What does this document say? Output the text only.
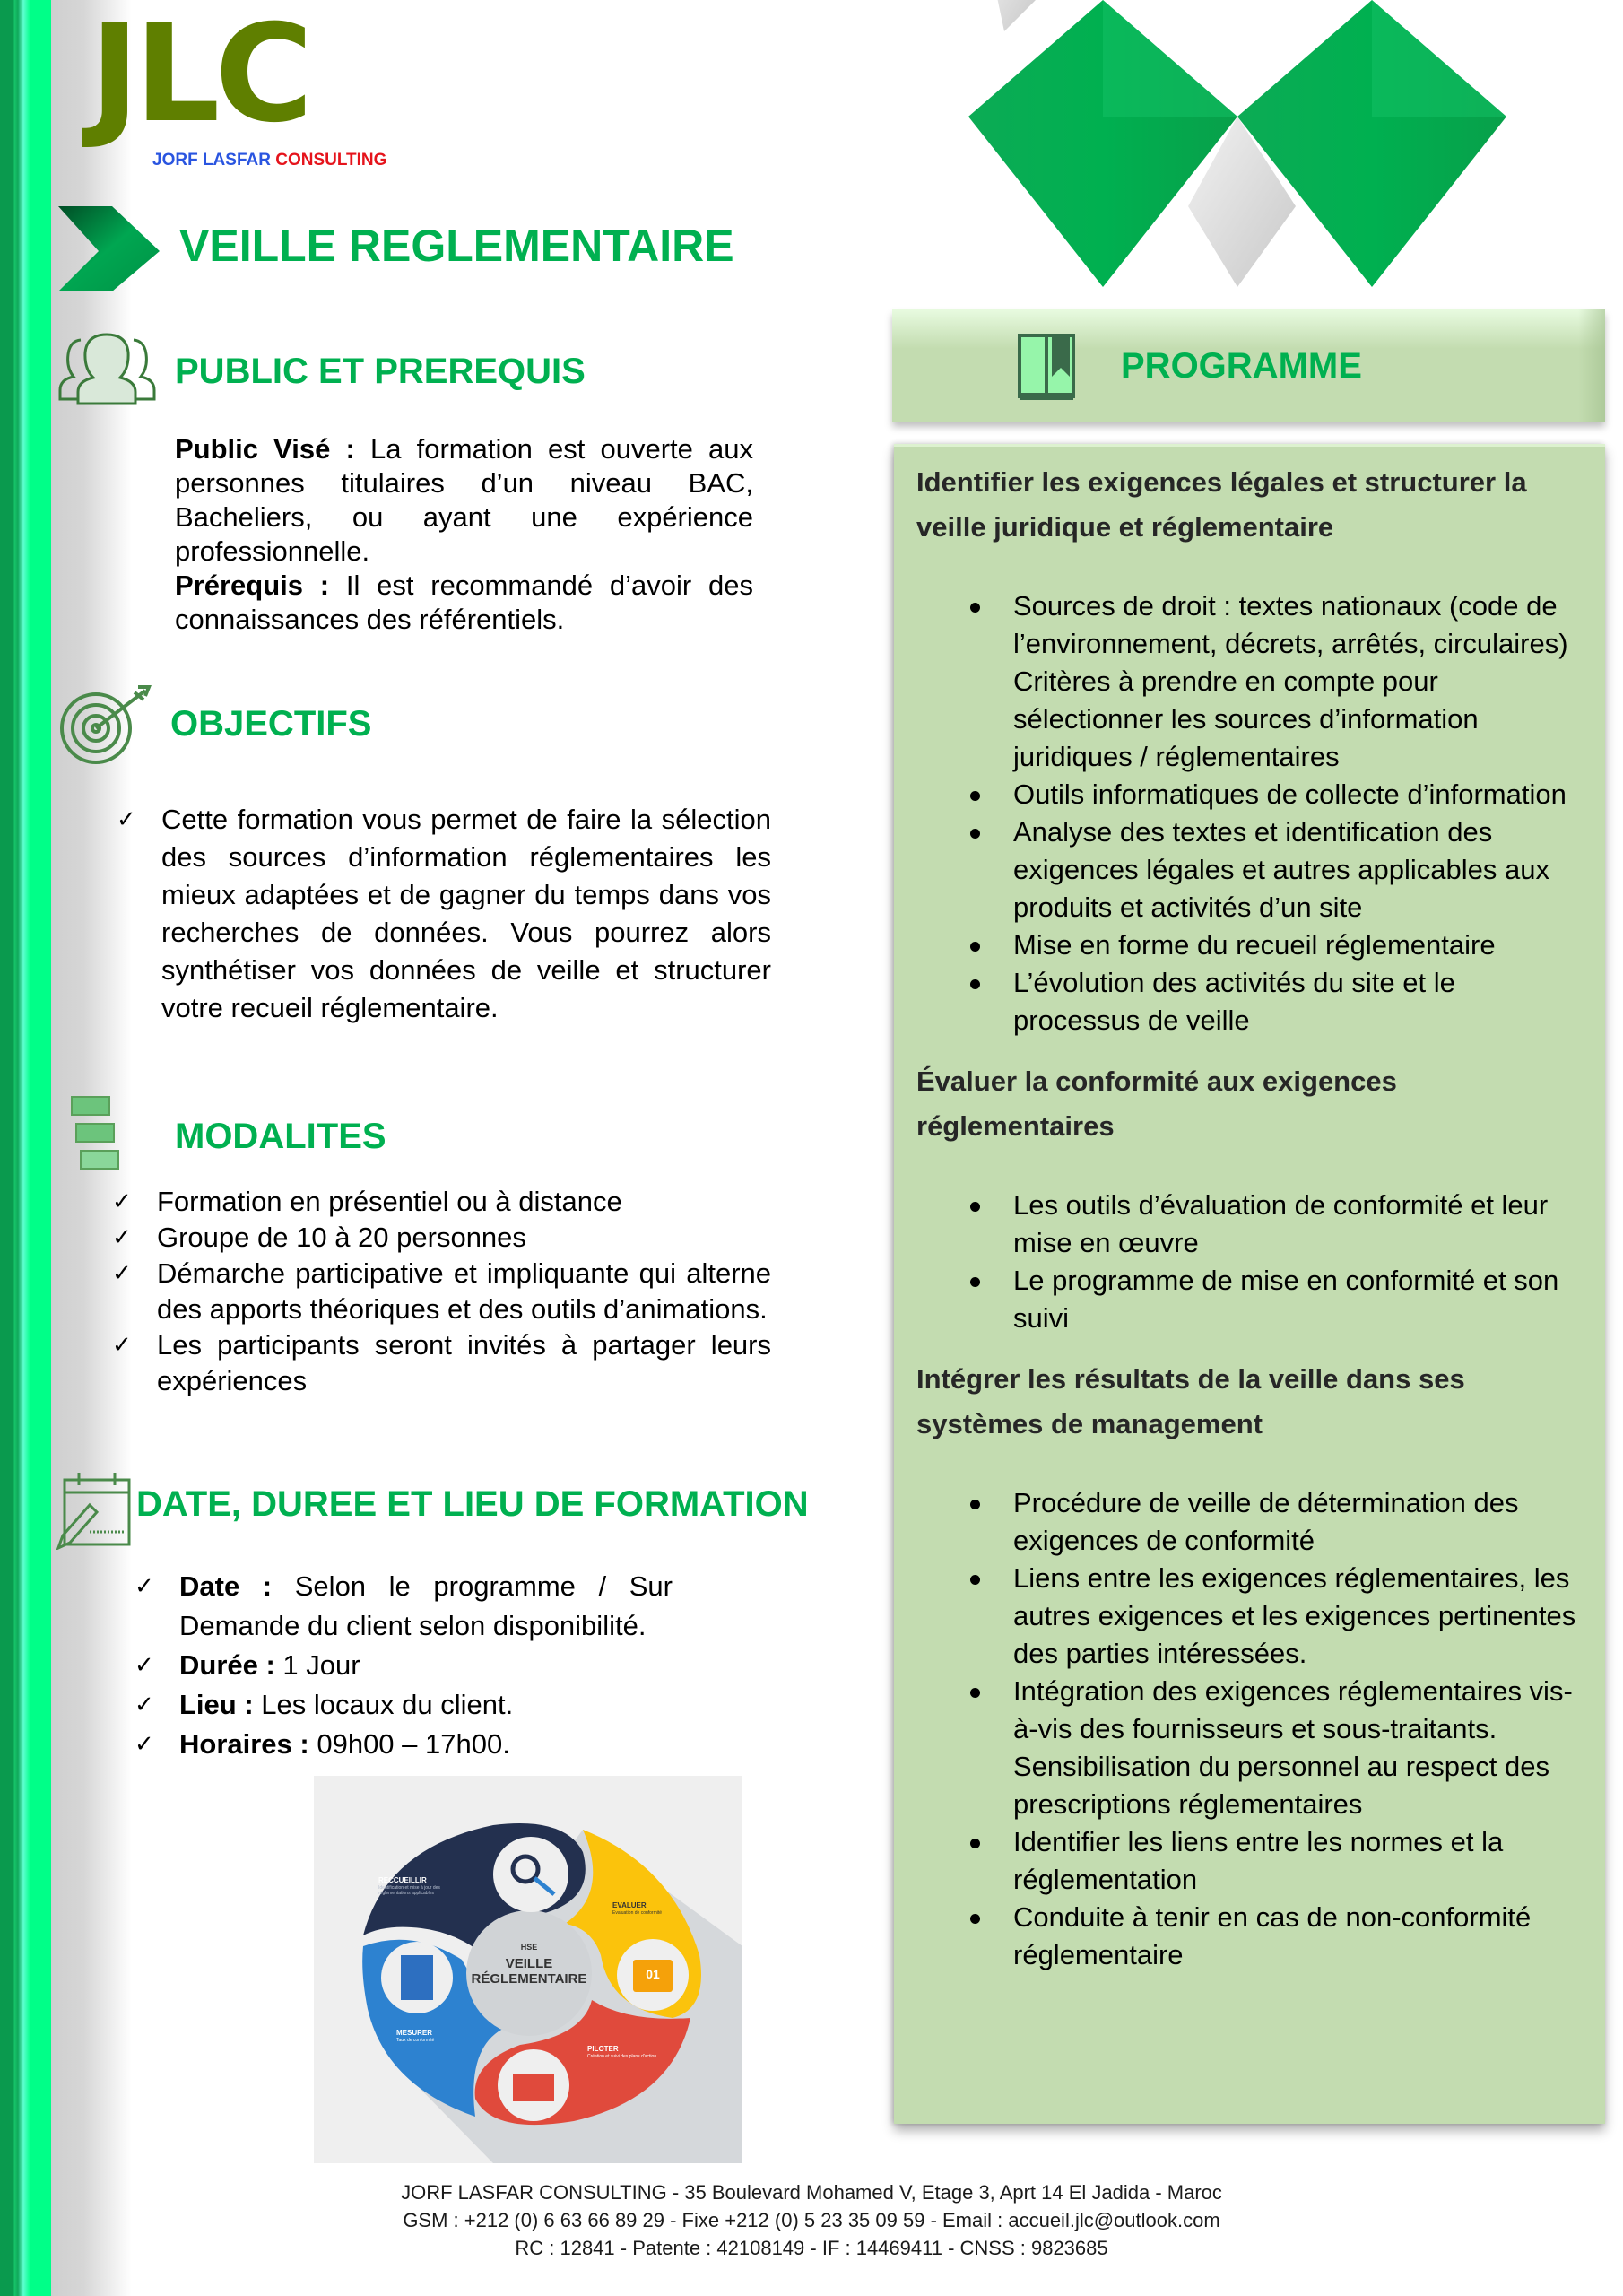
JLC
JORF LASFAR CONSULTING
VEILLE REGLEMENTAIRE
PUBLIC ET PREREQUIS
Public Visé : La formation est ouverte aux personnes titulaires d’un niveau BAC, Bacheliers, ou ayant une expérience professionnelle.
Prérequis : Il est recommandé d’avoir des connaissances des référentiels.
OBJECTIFS
✓ Cette formation vous permet de faire la sélection des sources d’information réglementaires les mieux adaptées et de gagner du temps dans vos recherches de données. Vous pourrez alors synthétiser vos données de veille et structurer votre recueil réglementaire.
MODALITES
✓ Formation en présentiel ou à distance
✓ Groupe de 10 à 20 personnes
✓ Démarche participative et impliquante qui alterne des apports théoriques et des outils d’animations.
✓ Les participants seront invités à partager leurs expériences
DATE, DUREE ET LIEU DE FORMATION
✓ Date : Selon le programme / Sur Demande du client selon disponibilité.
✓ Durée : 1 Jour
✓ Lieu : Les locaux du client.
✓ Horaires : 09h00 – 17h00.
HSE
VEILLE
RÉGLEMENTAIRE	01
RECCUEILLIR
Identification et mise à jour des réglementations applicables
EVALUER
Evaluation de conformité
PILOTER
Création et suivi des plans d'action
MESURER
Taux de conformité
PROGRAMME

Identifier les exigences légales et structurer la veille juridique et réglementaire

Sources de droit : textes nationaux (code de l’environnement, décrets, arrêtés, circulaires) Critères à prendre en compte pour sélectionner les sources d’information juridiques / réglementaires
Outils informatiques de collecte d’information
Analyse des textes et identification des exigences légales et autres applicables aux produits et activités d’un site
Mise en forme du recueil réglementaire
L’évolution des activités du site et le processus de veille

Évaluer la conformité aux exigences réglementaires

Les outils d’évaluation de conformité et leur mise en œuvre
Le programme de mise en conformité et son suivi

Intégrer les résultats de la veille dans ses systèmes de management

Procédure de veille de détermination des exigences de conformité
Liens entre les exigences réglementaires, les autres exigences et les exigences pertinentes des parties intéressées.
Intégration des exigences réglementaires vis-à-vis des fournisseurs et sous-traitants. Sensibilisation du personnel au respect des prescriptions réglementaires
Identifier les liens entre les normes et la réglementation
Conduite à tenir en cas de non-conformité réglementaire
JORF LASFAR CONSULTING - 35 Boulevard Mohamed V, Etage 3, Aprt 14 El Jadida - Maroc
GSM : +212 (0) 6 63 66 89 29 - Fixe +212 (0) 5 23 35 09 59 - Email : accueil.jlc@outlook.com
RC : 12841 - Patente : 42108149 - IF : 14469411 - CNSS : 9823685
